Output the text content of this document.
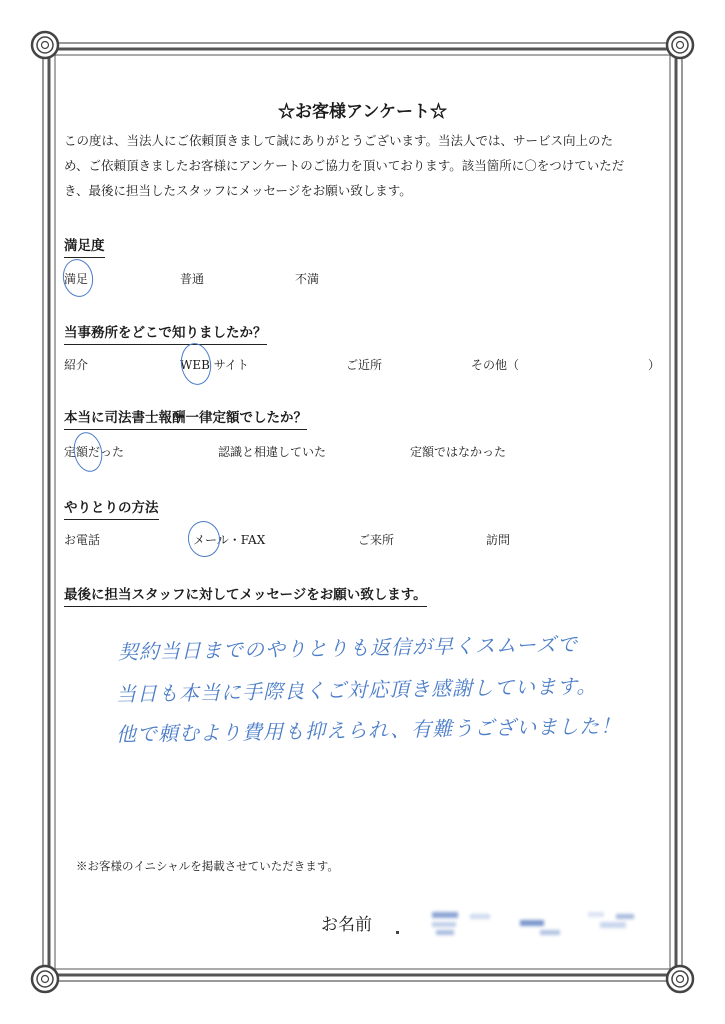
☆お客様アンケート☆
この度は、当法人にご依頼頂きまして誠にありがとうございます。当法人では、サービス向上のた
め、ご依頼頂きましたお客様にアンケートのご協力を頂いております。該当箇所に〇をつけていただ
き、最後に担当したスタッフにメッセージをお願い致します。
満足度
満足	普通	不満
当事務所をどこで知りましたか？
紹介	WEB サイト	ご近所	その他（	）
本当に司法書士報酬一律定額でしたか？
定額だった	認識と相違していた	定額ではなかった
やりとりの方法
お電話	メール・FAX	ご来所	訪問
最後に担当スタッフに対してメッセージをお願い致します。
契約当日までのやりとりも返信が早くスムーズで
当日も本当に手際良くご対応頂き感謝しています。
他で頼むより費用も抑えられ、有難うございました！
※お客様のイニシャルを掲載させていただきます。
お名前
